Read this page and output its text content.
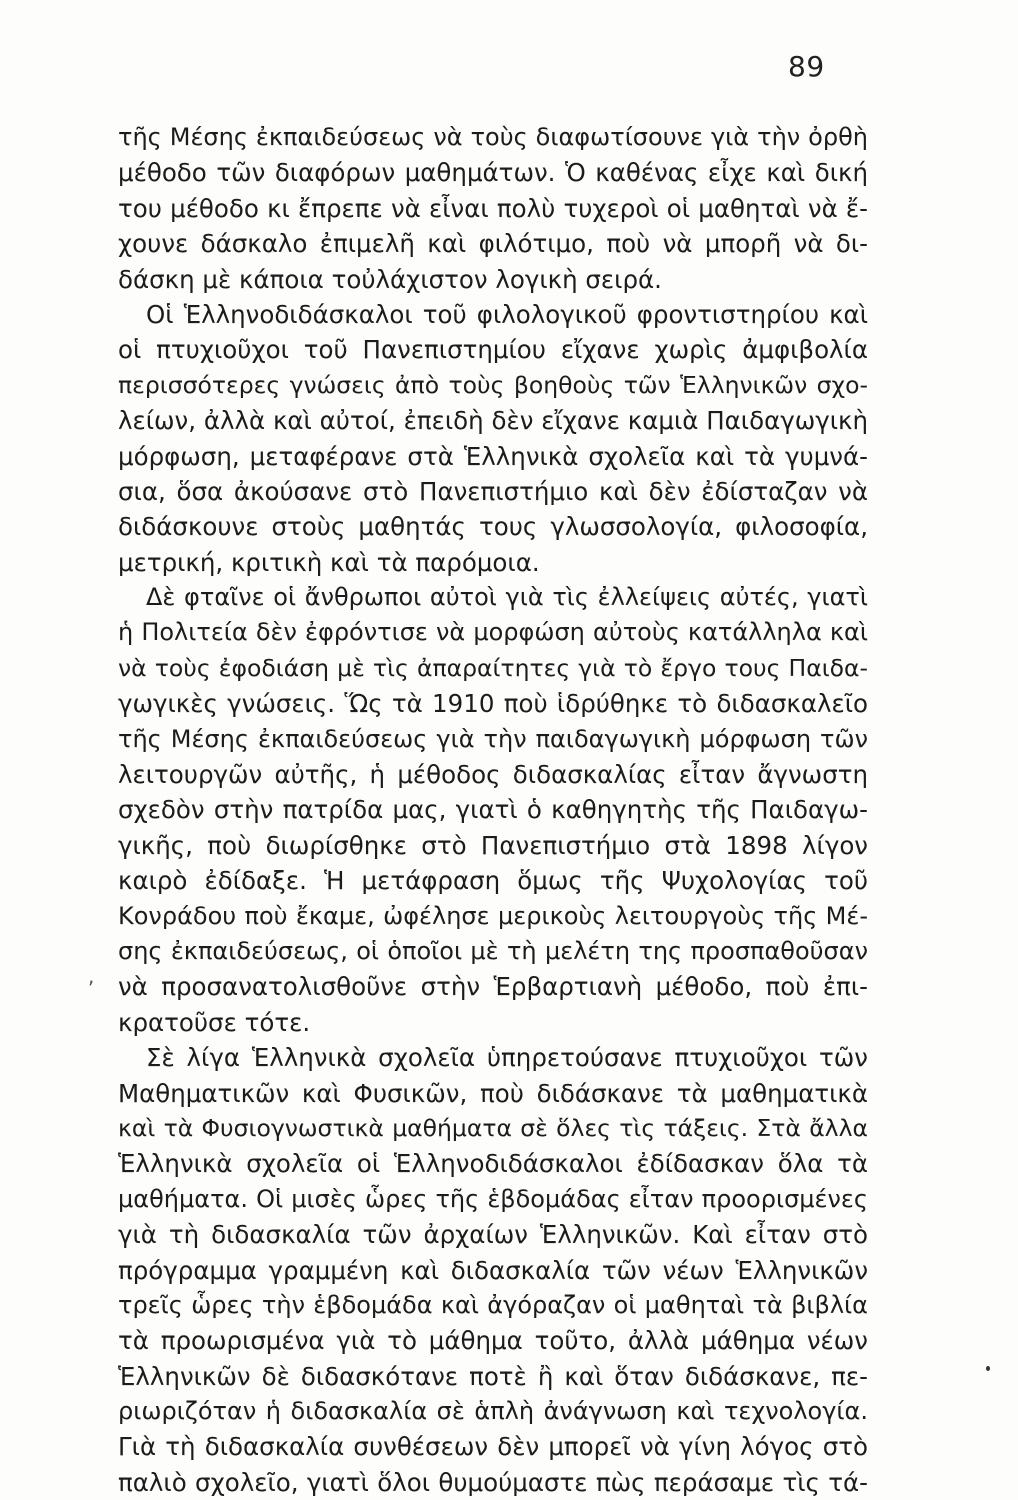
89
τῆς Μέσης ἐκπαιδεύσεως νὰ τοὺς διαφωτίσουνε γιὰ τὴν ὀρθὴ
μέθοδο τῶν διαφόρων μαθημάτων. Ὁ καθένας εἶχε καὶ δική
του μέθοδο κι ἔπρεπε νὰ εἶναι πολὺ τυχεροὶ οἱ μαθηταὶ νὰ ἔ-
χουνε δάσκαλο ἐπιμελῆ καὶ φιλότιμο, ποὺ νὰ μπορῆ νὰ δι-
δάσκη μὲ κάποια τοὐλάχιστον λογικὴ σειρά.
Οἱ Ἑλληνοδιδάσκαλοι τοῦ φιλολογικοῦ φροντιστηρίου καὶ
οἱ πτυχιοῦχοι τοῦ Πανεπιστημίου εἴχανε χωρὶς ἀμφιβολία
περισσότερες γνώσεις ἀπὸ τοὺς βοηθοὺς τῶν Ἑλληνικῶν σχο-
λείων, ἀλλὰ καὶ αὐτοί, ἐπειδὴ δὲν εἴχανε καμιὰ Παιδαγωγικὴ
μόρφωση, μεταφέρανε στὰ Ἑλληνικὰ σχολεῖα καὶ τὰ γυμνά-
σια, ὅσα ἀκούσανε στὸ Πανεπιστήμιο καὶ δὲν ἐδίσταζαν νὰ
διδάσκουνε στοὺς μαθητάς τους γλωσσολογία, φιλοσοφία,
μετρική, κριτικὴ καὶ τὰ παρόμοια.
Δὲ φταῖνε οἱ ἄνθρωποι αὐτοὶ γιὰ τὶς ἐλλείψεις αὐτές, γιατὶ
ἡ Πολιτεία δὲν ἐφρόντισε νὰ μορφώση αὐτοὺς κατάλληλα καὶ
νὰ τοὺς ἐφοδιάση μὲ τὶς ἀπαραίτητες γιὰ τὸ ἔργο τους Παιδα-
γωγικὲς γνώσεις. Ὥς τὰ 1910 ποὺ ἱδρύθηκε τὸ διδασκαλεῖο
τῆς Μέσης ἐκπαιδεύσεως γιὰ τὴν παιδαγωγικὴ μόρφωση τῶν
λειτουργῶν αὐτῆς, ἡ μέθοδος διδασκαλίας εἶταν ἄγνωστη
σχεδὸν στὴν πατρίδα μας, γιατὶ ὁ καθηγητὴς τῆς Παιδαγω-
γικῆς, ποὺ διωρίσθηκε στὸ Πανεπιστήμιο στὰ 1898 λίγον
καιρὸ ἐδίδαξε. Ἡ μετάφραση ὅμως τῆς Ψυχολογίας τοῦ
Κονράδου ποὺ ἔκαμε, ὠφέλησε μερικοὺς λειτουργοὺς τῆς Μέ-
σης ἐκπαιδεύσεως, οἱ ὁποῖοι μὲ τὴ μελέτη της προσπαθοῦσαν
νὰ προσανατολισθοῦνε στὴν Ἑρβαρτιανὴ μέθοδο, ποὺ ἐπι-
κρατοῦσε τότε.
Σὲ λίγα Ἑλληνικὰ σχολεῖα ὑπηρετούσανε πτυχιοῦχοι τῶν
Μαθηματικῶν καὶ Φυσικῶν, ποὺ διδάσκανε τὰ μαθηματικὰ
καὶ τὰ Φυσιογνωστικὰ μαθήματα σὲ ὅλες τὶς τάξεις. Στὰ ἄλλα
Ἑλληνικὰ σχολεῖα οἱ Ἑλληνοδιδάσκαλοι ἐδίδασκαν ὅλα τὰ
μαθήματα. Οἱ μισὲς ὧρες τῆς ἑβδομάδας εἶταν προορισμένες
γιὰ τὴ διδασκαλία τῶν ἀρχαίων Ἑλληνικῶν. Καὶ εἶταν στὸ
πρόγραμμα γραμμένη καὶ διδασκαλία τῶν νέων Ἑλληνικῶν
τρεῖς ὧρες τὴν ἑβδομάδα καὶ ἀγόραζαν οἱ μαθηταὶ τὰ βιβλία
τὰ προωρισμένα γιὰ τὸ μάθημα τοῦτο, ἀλλὰ μάθημα νέων
Ἑλληνικῶν δὲ διδασκότανε ποτὲ ἢ καὶ ὅταν διδάσκανε, πε-
ριωριζόταν ἡ διδασκαλία σὲ ἁπλὴ ἀνάγνωση καὶ τεχνολογία.
Γιὰ τὴ διδασκαλία συνθέσεων δὲν μπορεῖ νὰ γίνη λόγος στὸ
παλιὸ σχολεῖο, γιατὶ ὅλοι θυμούμαστε πὼς περάσαμε τὶς τά-
,
